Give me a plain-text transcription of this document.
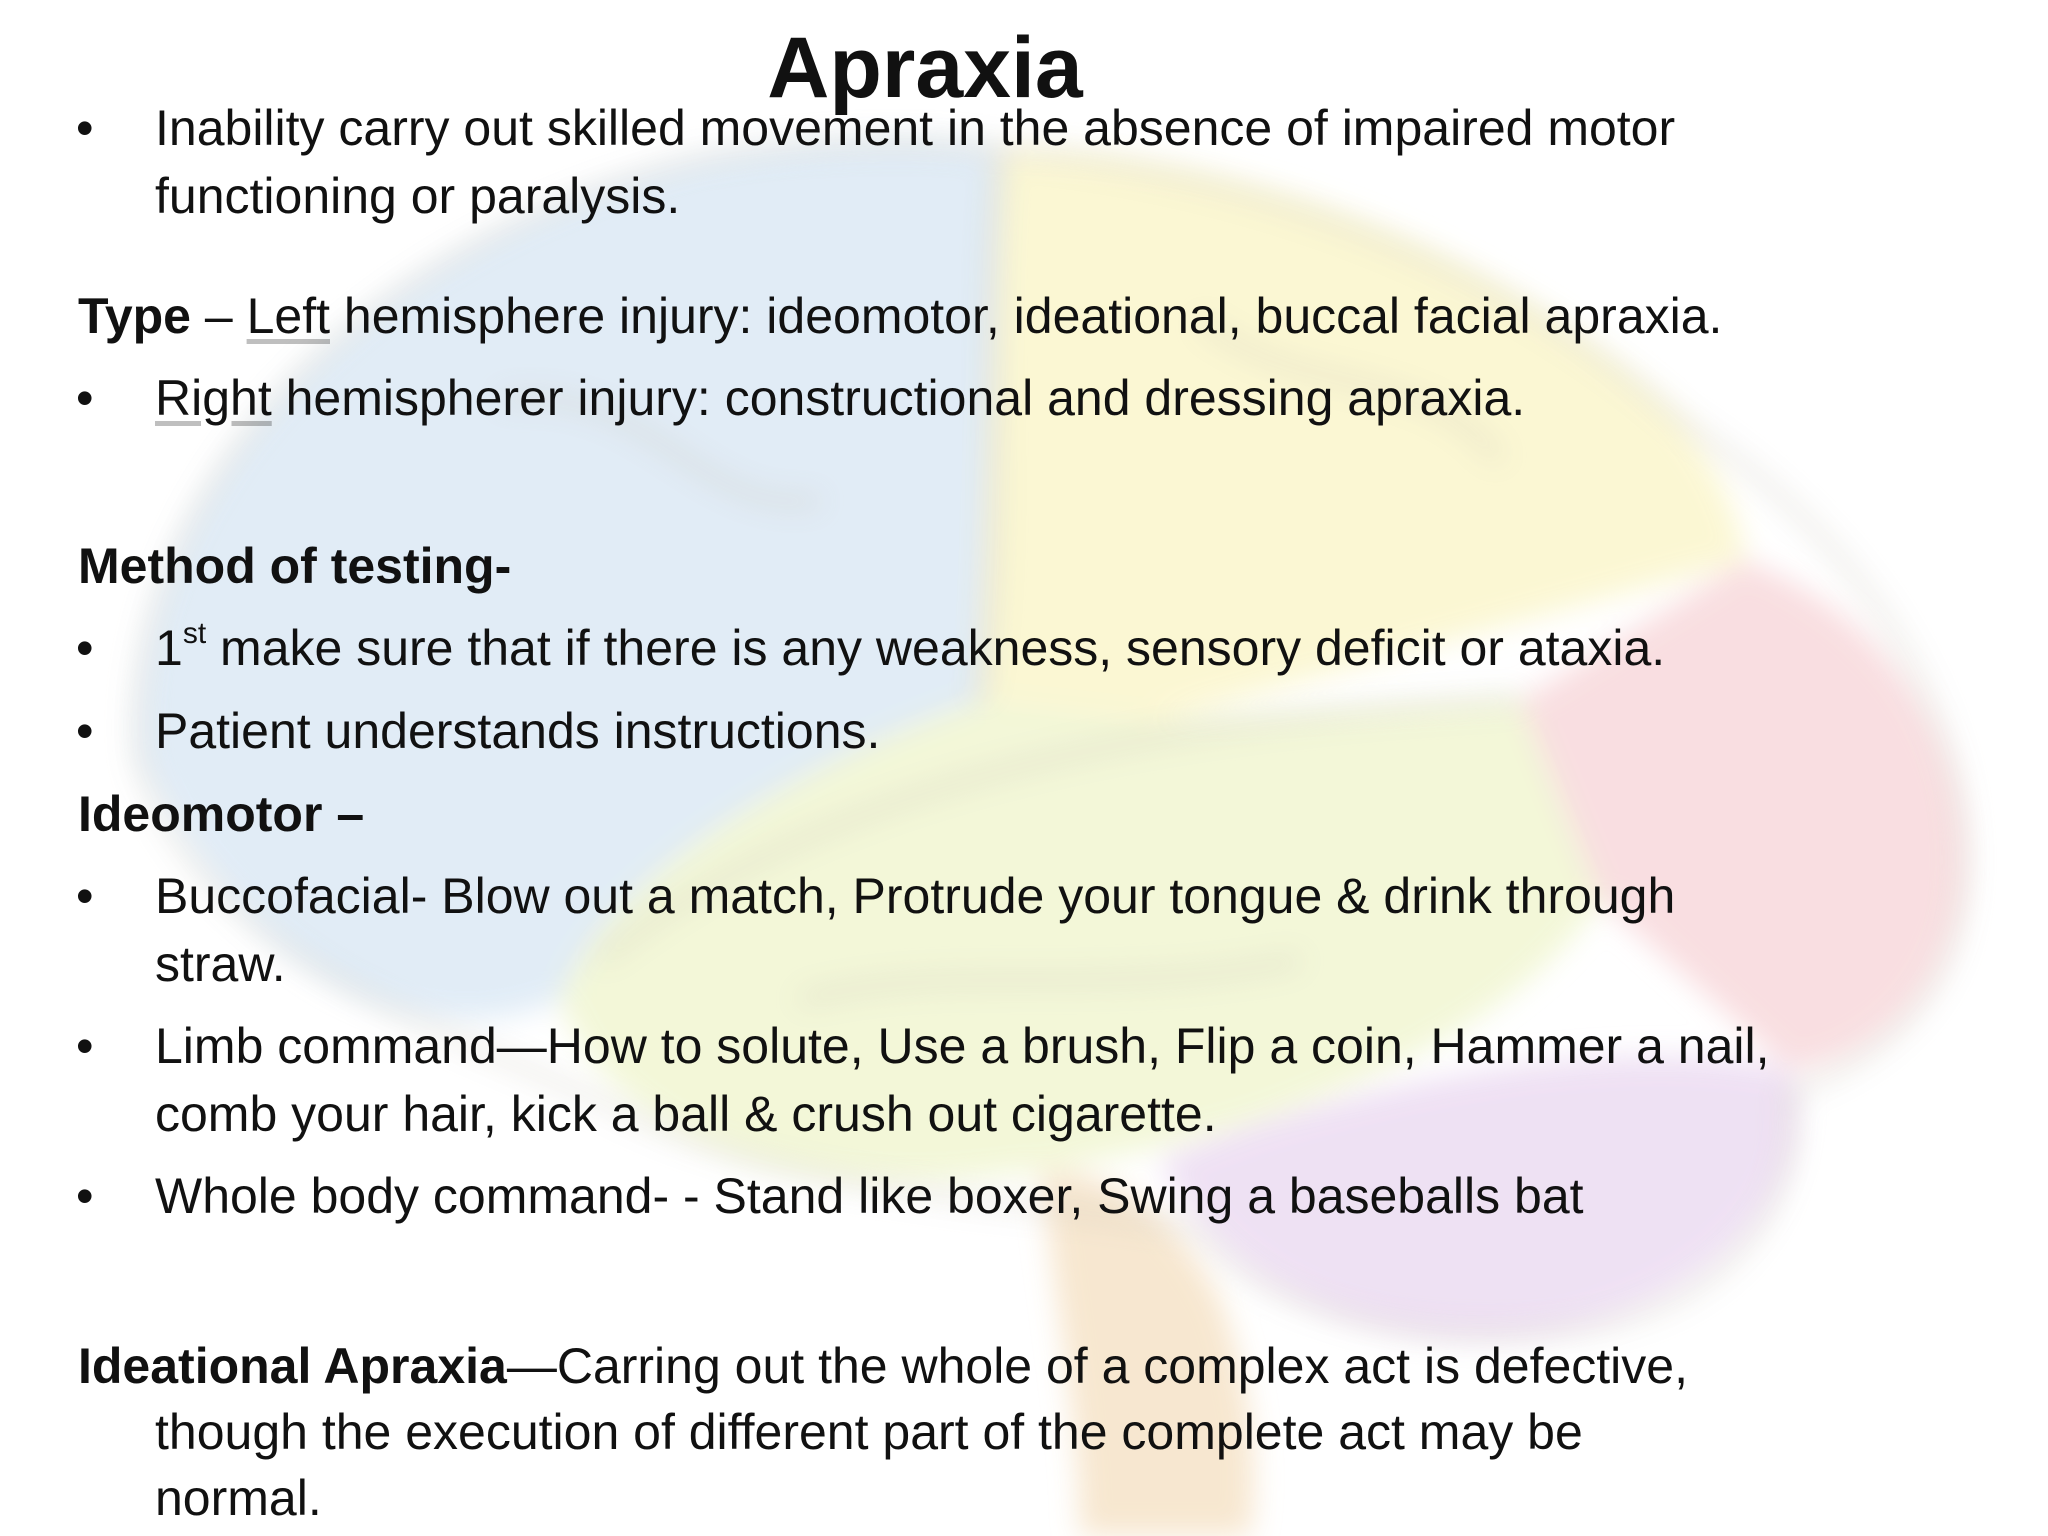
Apraxia
• Inability carry out skilled movement in the absence of impaired motor
functioning or paralysis.
Type – Left hemisphere injury: ideomotor, ideational, buccal facial apraxia.
• Right hemispherer injury: constructional and dressing apraxia.
Method of testing-
• 1st make sure that if there is any weakness, sensory deficit or ataxia.
• Patient understands instructions.
Ideomotor –
• Buccofacial- Blow out a match, Protrude your tongue & drink through
straw.
• Limb command—How to solute, Use a brush, Flip a coin, Hammer a nail,
comb your hair, kick a ball & crush out cigarette.
• Whole body command- - Stand like boxer, Swing a baseballs bat
Ideational Apraxia—Carring out the whole of a complex act is defective,
though the execution of different part of the complete act may be
normal.
